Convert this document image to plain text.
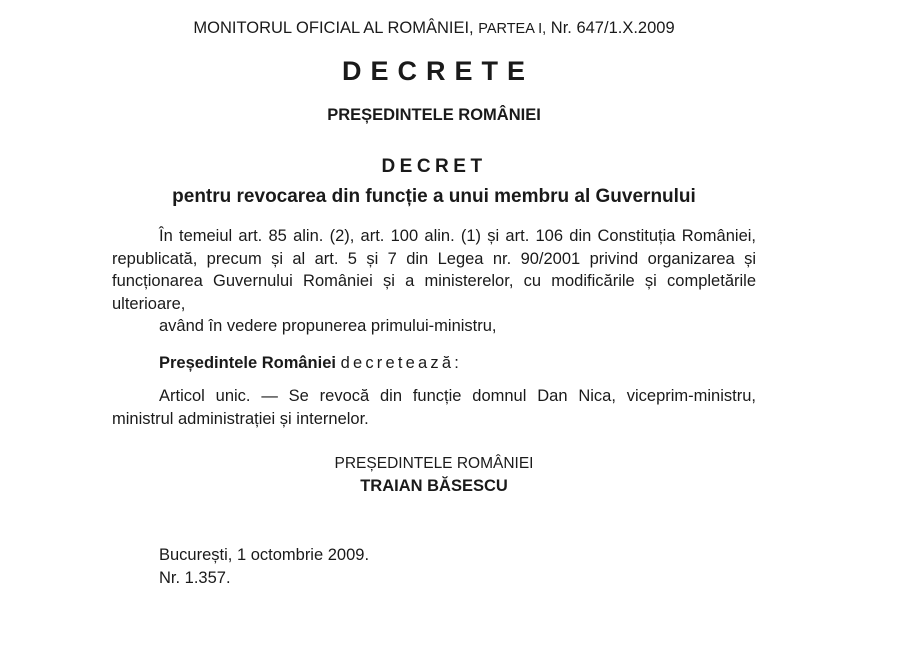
MONITORUL OFICIAL AL ROMÂNIEI, PARTEA I, Nr. 647/1.X.2009
DECRETE
PREȘEDINTELE ROMÂNIEI
DECRET
pentru revocarea din funcție a unui membru al Guvernului
În temeiul art. 85 alin. (2), art. 100 alin. (1) și art. 106 din Constituția României, republicată, precum și al art. 5 și 7 din Legea nr. 90/2001 privind organizarea și funcționarea Guvernului României și a ministerelor, cu modificările și completările ulterioare,
având în vedere propunerea primului-ministru,
Președintele României decretează:
Articol unic. — Se revocă din funcție domnul Dan Nica, viceprim-ministru, ministrul administrației și internelor.
PREȘEDINTELE ROMÂNIEI
TRAIAN BĂSESCU
București, 1 octombrie 2009.
Nr. 1.357.
